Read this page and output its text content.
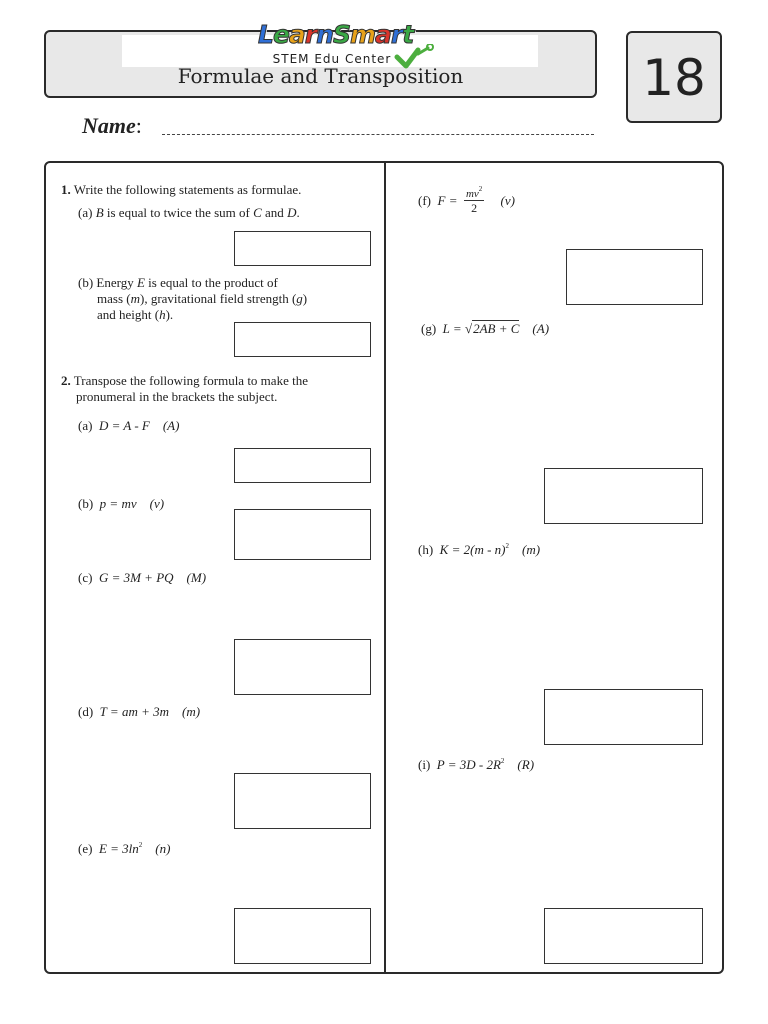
LearnSmart
STEM Edu Center
Formulae and Transposition	18
Name:
1. Write the following statements as formulae.
(a) B is equal to twice the sum of C and D.
(b) Energy E is equal to the product of
mass (m), gravitational field strength (g)
and height (h).
2. Transpose the following formula to make the
pronumeral in the brackets the subject.
(a) D = A - F (A)
(b) p = mv (v)
(c) G = 3M + PQ (M)
(d) T = am + 3m (m)
(e) $E = 3\ln^2$ (n)
(f) $F = \frac{mv^2}{2} (v)$
(g) L = √2AB + C (A)
(h) K = 2(m - n)$^2$ (m)
(i) $P = 3D - 2R^2$ (R)
